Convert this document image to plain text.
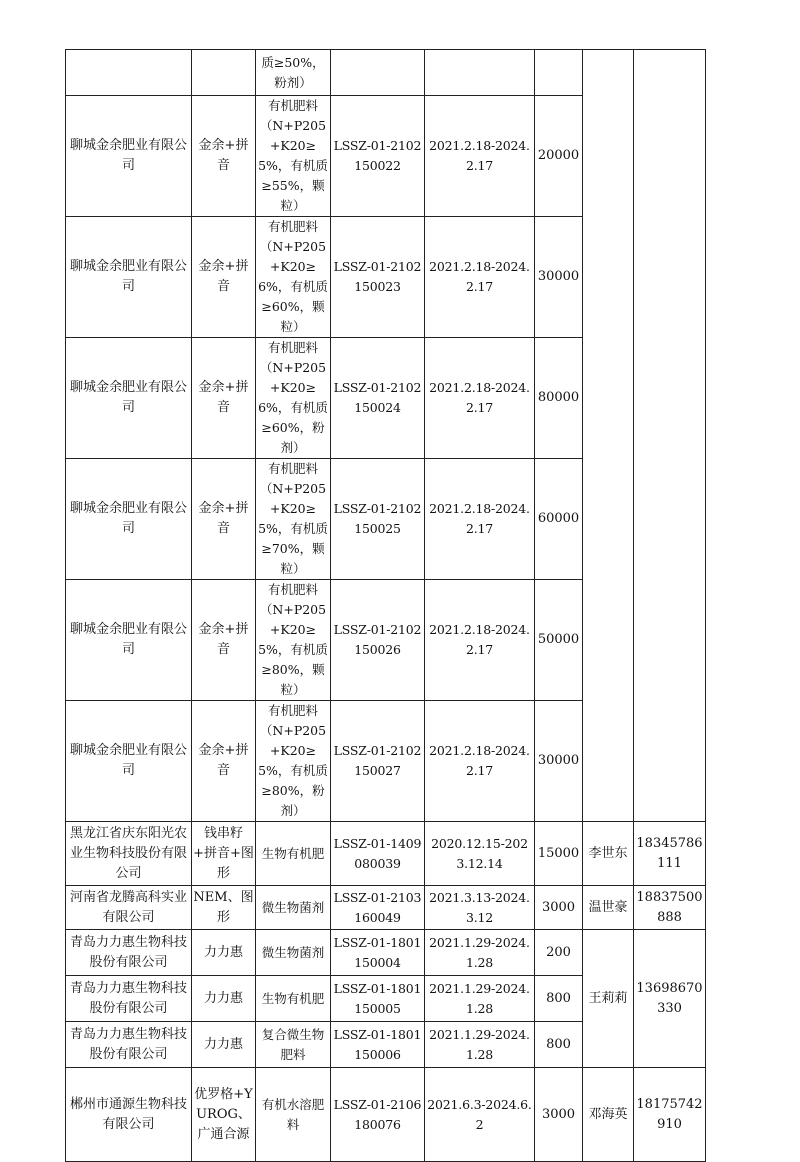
		质≥50%，粉剂）					
聊城金余肥业有限公司	金余+拼音	有机肥料（N+P205+K20≥5%，有机质≥55%，颗粒）	LSSZ-01-2102150022	2021.2.18-2024.2.17	20000		
聊城金余肥业有限公司	金余+拼音	有机肥料（N+P205+K20≥6%，有机质≥60%，颗粒）	LSSZ-01-2102150023	2021.2.18-2024.2.17	30000		
聊城金余肥业有限公司	金余+拼音	有机肥料（N+P205+K20≥6%，有机质≥60%，粉剂）	LSSZ-01-2102150024	2021.2.18-2024.2.17	80000		
聊城金余肥业有限公司	金余+拼音	有机肥料（N+P205+K20≥5%，有机质≥70%，颗粒）	LSSZ-01-2102150025	2021.2.18-2024.2.17	60000		
聊城金余肥业有限公司	金余+拼音	有机肥料（N+P205+K20≥5%，有机质≥80%，颗粒）	LSSZ-01-2102150026	2021.2.18-2024.2.17	50000		
聊城金余肥业有限公司	金余+拼音	有机肥料（N+P205+K20≥5%，有机质≥80%，粉剂）	LSSZ-01-2102150027	2021.2.18-2024.2.17	30000		
黑龙江省庆东阳光农业生物科技股份有限公司	钱串籽+拼音+图形	生物有机肥	LSSZ-01-1409080039	2020.12.15-2023.12.14	15000	李世东	18345786111
河南省龙腾高科实业有限公司	NEM、图形	微生物菌剂	LSSZ-01-2103160049	2021.3.13-2024.3.12	3000	温世豪	18837500888
青岛力力惠生物科技股份有限公司	力力惠	微生物菌剂	LSSZ-01-1801150004	2021.1.29-2024.1.28	200	王莉莉	13698670330
青岛力力惠生物科技股份有限公司	力力惠	生物有机肥	LSSZ-01-1801150005	2021.1.29-2024.1.28	800		
青岛力力惠生物科技股份有限公司	力力惠	复合微生物肥料	LSSZ-01-1801150006	2021.1.29-2024.1.28	800		
郴州市通源生物科技有限公司	优罗格+YUROG、广通合源	有机水溶肥料	LSSZ-01-2106180076	2021.6.3-2024.6.2	3000	邓海英	18175742910
